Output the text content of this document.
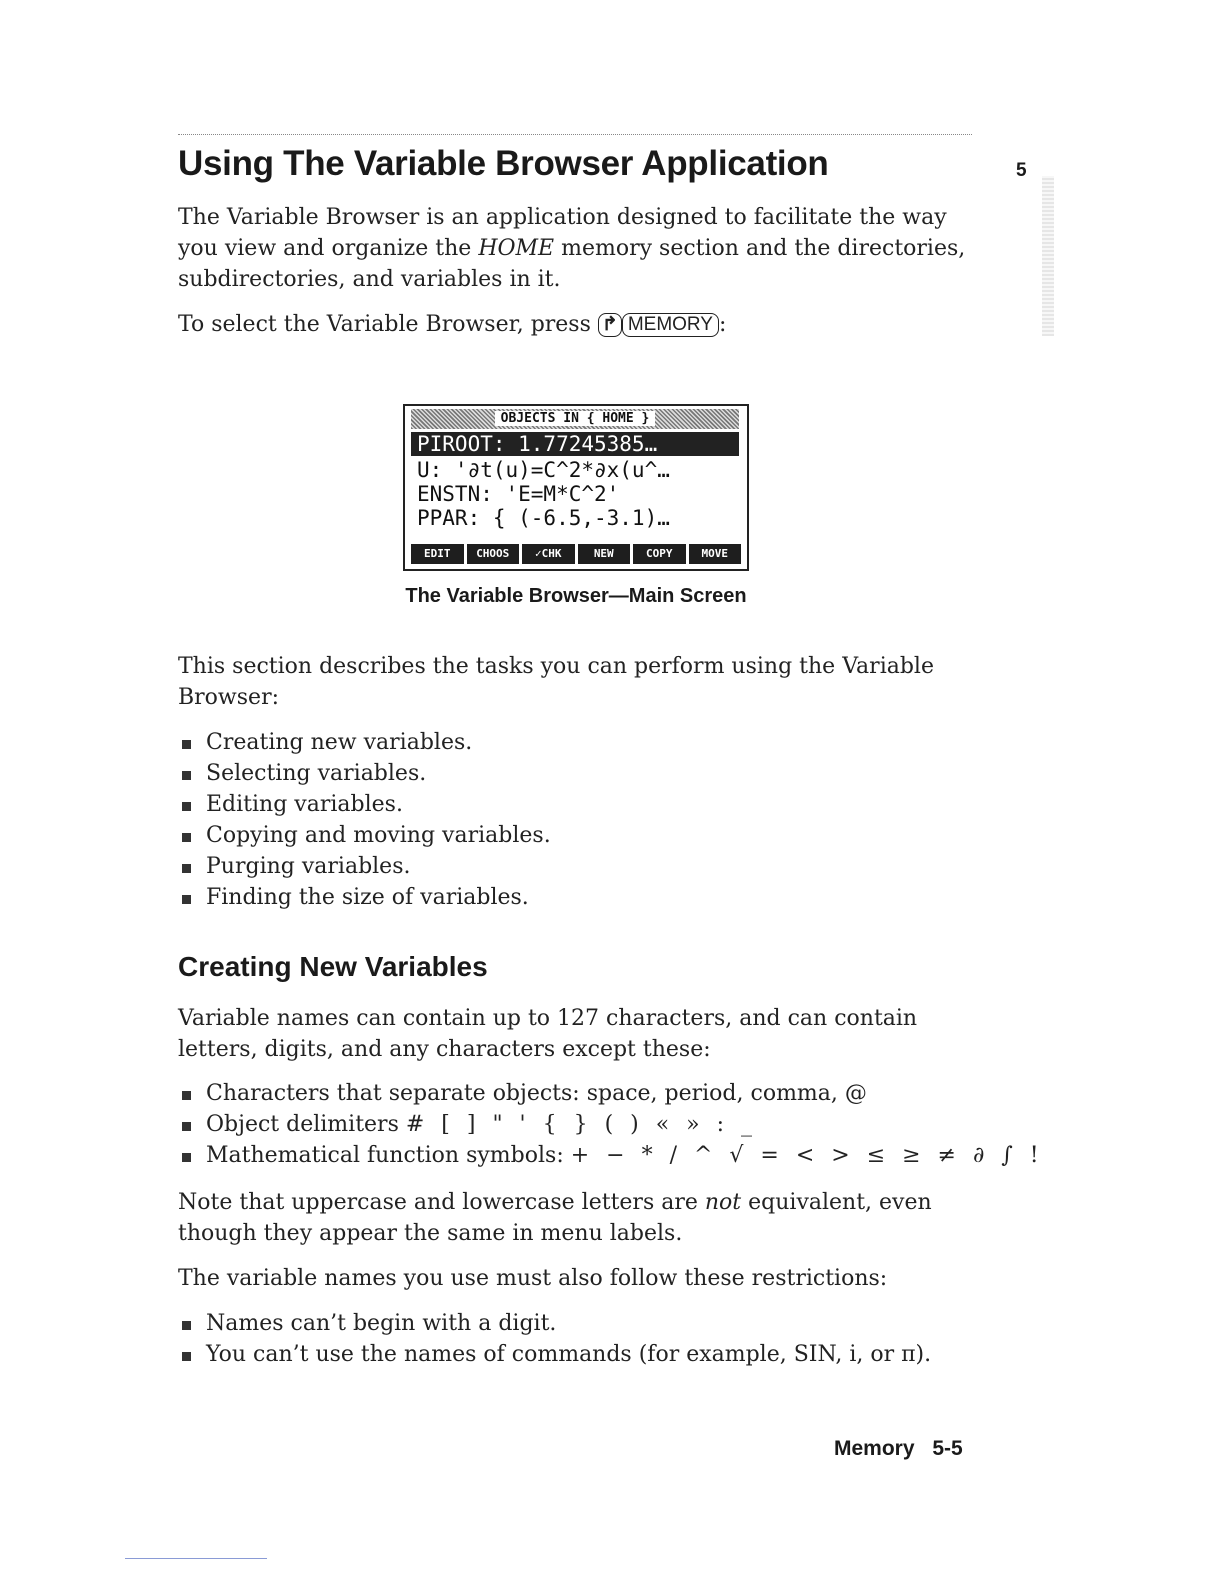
Using The Variable Browser Application	5
The Variable Browser is an application designed to facilitate the way you view and organize the HOME memory section and the directories, subdirectories, and variables in it.
To select the Variable Browser, press ↱ MEMORY :
OBJECTS IN { HOME }
PIROOT: 1.77245385…
U: '∂t(u)=C^2*∂x(u^…
ENSTN: 'E=M*C^2'
PPAR: { (-6.5,-3.1)…
EDIT	CHOOS	✓CHK	NEW	COPY	MOVE
The Variable Browser—Main Screen
This section describes the tasks you can perform using the Variable Browser:
Creating new variables.
Selecting variables.
Editing variables.
Copying and moving variables.
Purging variables.
Finding the size of variables.
Creating New Variables
Variable names can contain up to 127 characters, and can contain letters, digits, and any characters except these:
Characters that separate objects: space, period, comma, @
Object delimiters # [ ] " ' { } ( ) « » : _
Mathematical function symbols: + − * / ^ √ = < > ≤ ≥ ≠ ∂ ∫ !
Note that uppercase and lowercase letters are not equivalent, even though they appear the same in menu labels.
The variable names you use must also follow these restrictions:
Names can’t begin with a digit.
You can’t use the names of commands (for example, SIN, i, or π).
Memory 5-5
